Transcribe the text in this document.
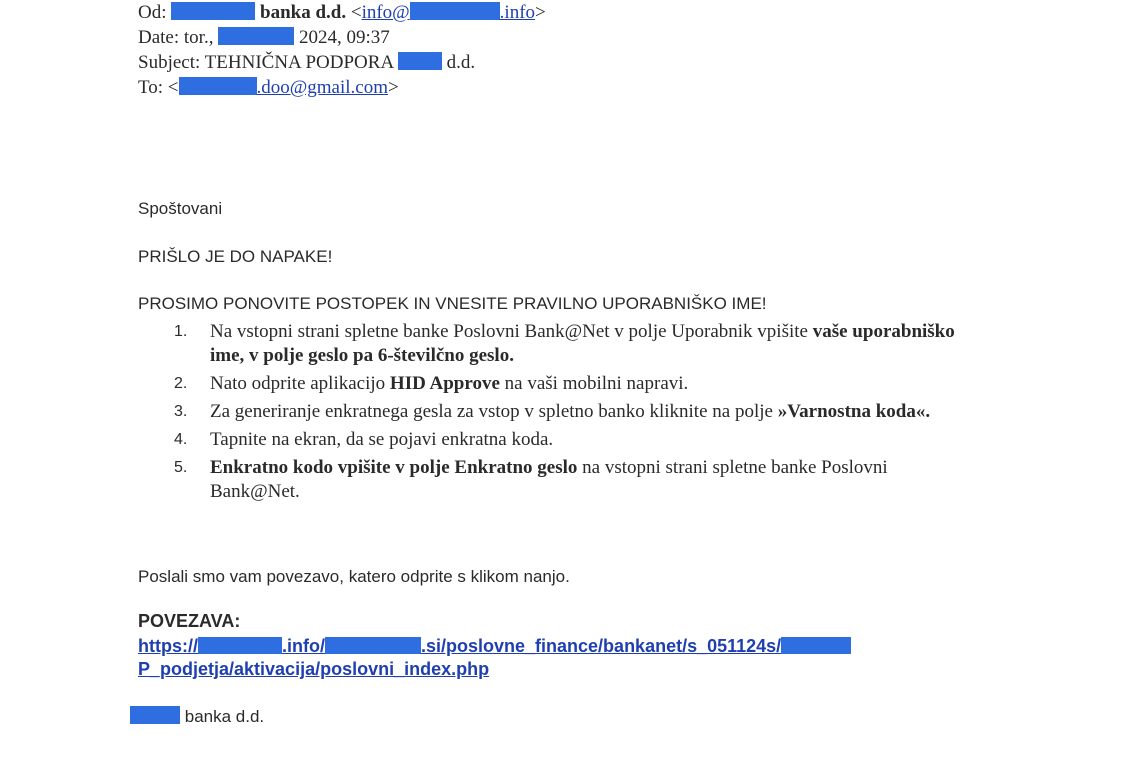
Od:	banka d.d. <info@	.info>
Date: tor.,	2024, 09:37
Subject: TEHNIČNA PODPORA	d.d.
To: <	.doo@gmail.com>
Spoštovani
PRIŠLO JE DO NAPAKE!
PROSIMO PONOVITE POSTOPEK IN VNESITE PRAVILNO UPORABNIŠKO IME!
1.	Na vstopni strani spletne banke Poslovni Bank@Net v polje Uporabnik vpišite vaše uporabniško ime, v polje geslo pa 6-številčno geslo.
2.	Nato odprite aplikacijo HID Approve na vaši mobilni napravi.
3.	Za generiranje enkratnega gesla za vstop v spletno banko kliknite na polje »Varnostna koda«.
4.	Tapnite na ekran, da se pojavi enkratna koda.
5.	Enkratno kodo vpišite v polje Enkratno geslo na vstopni strani spletne banke Poslovni Bank@Net.
Poslali smo vam povezavo, katero odprite s klikom nanjo.
POVEZAVA:
https://	.info/	.si/poslovne_finance/bankanet/s_051124s/
P_podjetja/aktivacija/poslovni_index.php
banka d.d.
